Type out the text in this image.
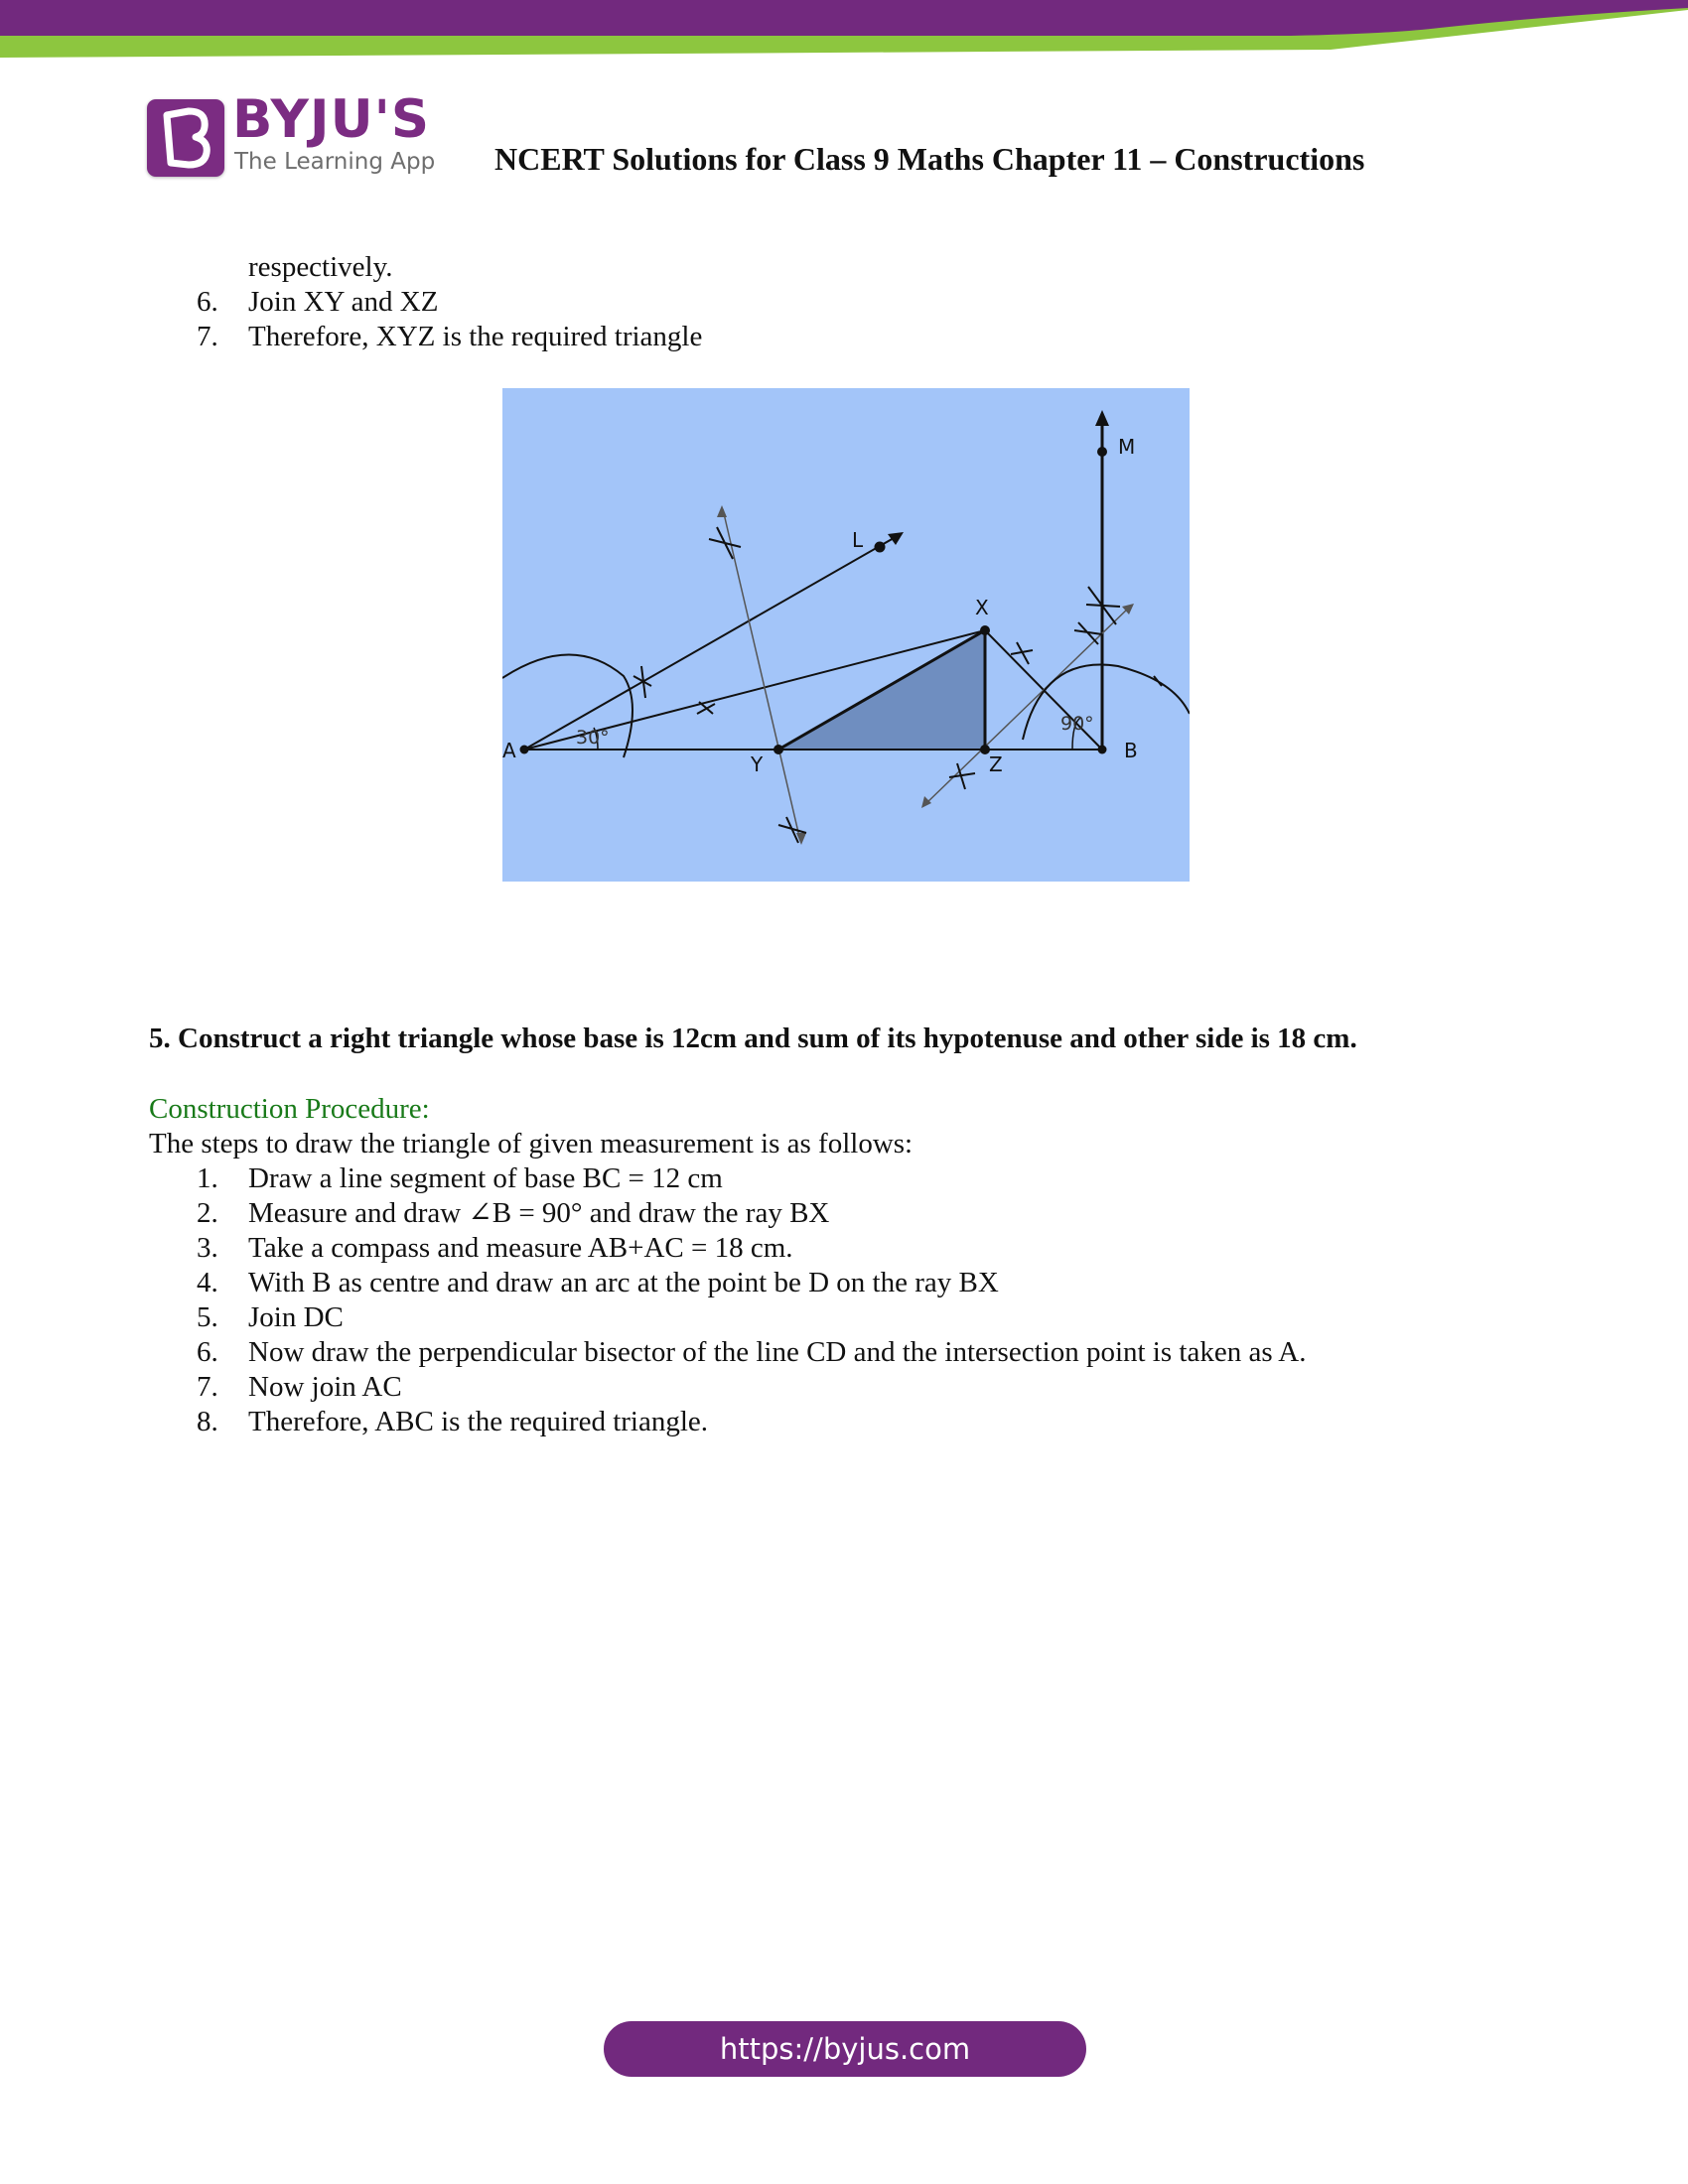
BYJU'S
The Learning App NCERT Solutions for Class 9 Maths Chapter 11 – Constructions
respectively.
6. Join XY and XZ
7. Therefore, XYZ is the required triangle
A
Y	Z
B
X
L
M
30°
90°
5. Construct a right triangle whose base is 12cm and sum of its hypotenuse and other side is 18 cm.
Construction Procedure:
The steps to draw the triangle of given measurement is as follows:
1. Draw a line segment of base BC = 12 cm
2. Measure and draw ∠B = 90° and draw the ray BX
3. Take a compass and measure AB+AC = 18 cm.
4. With B as centre and draw an arc at the point be D on the ray BX
5. Join DC
6. Now draw the perpendicular bisector of the line CD and the intersection point is taken as A.
7. Now join AC
8. Therefore, ABC is the required triangle.
https://byjus.com
